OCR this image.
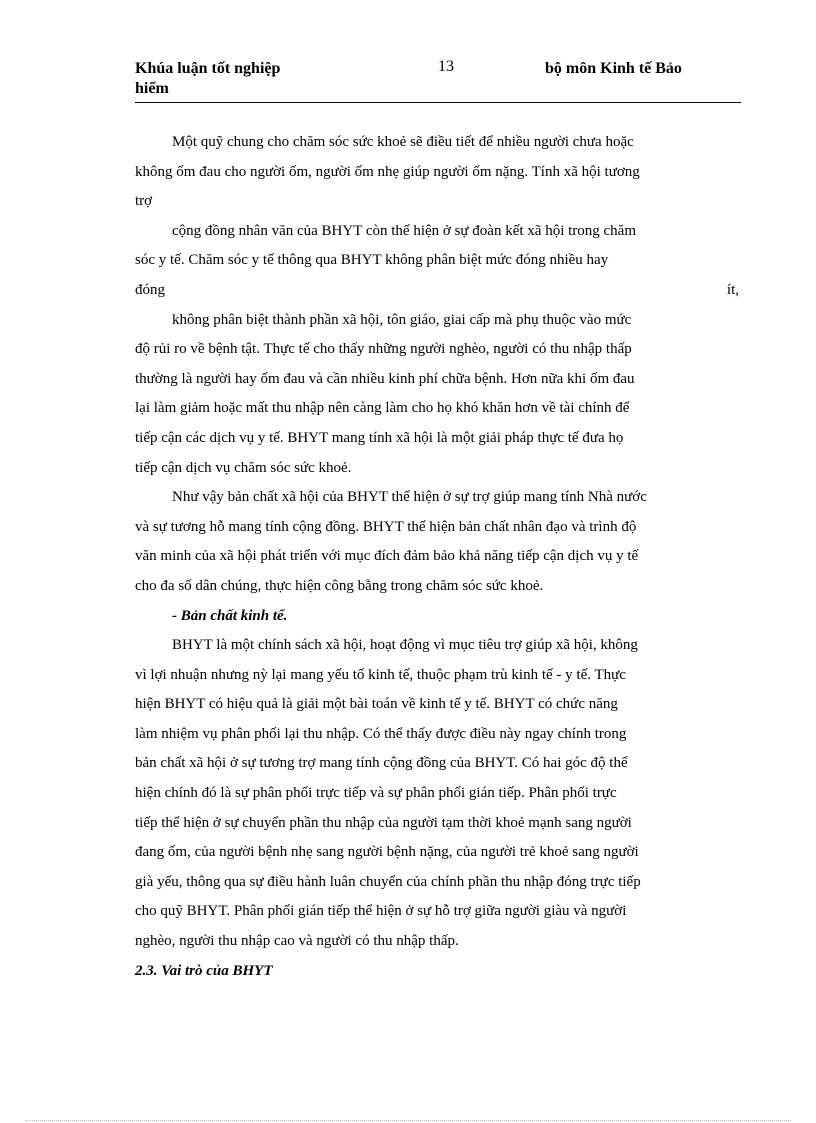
Khúa luận tốt nghiệp
hiểm
13	bộ môn Kinh tế Bảo
Một quỹ chung cho chăm sóc sức khoẻ sẽ điều tiết để nhiều người chưa hoặc
không ốm đau cho người ốm, người ốm nhẹ giúp người ốm nặng. Tính xã hội tương
trợ
cộng đồng nhân văn của BHYT còn thể hiện ở sự đoàn kết xã hội trong chăm
sóc y tế. Chăm sóc y tế thông qua BHYT không phân biệt mức đóng nhiều hay
đóng	ít,
không phân biệt thành phần xã hội, tôn giáo, giai cấp mà phụ thuộc vào mức
độ rủi ro về bệnh tật. Thực tế cho thấy những người nghèo, người có thu nhập thấp
thường là người hay ốm đau và cần nhiều kinh phí chữa bệnh. Hơn nữa khi ốm đau
lại làm giảm hoặc mất thu nhập nên càng làm cho họ khó khăn hơn về tài chính để
tiếp cận các dịch vụ y tế. BHYT mang tính xã hội là một giải pháp thực tế đưa họ
tiếp cận dịch vụ chăm sóc sức khoẻ.
Như vậy bản chất xã hội của BHYT thể hiện ở sự trợ giúp mang tính Nhà nước
và sự tương hỗ mang tính cộng đồng. BHYT thể hiện bản chất nhân đạo và trình độ
văn minh của xã hội phát triển với mục đích đảm bảo khả năng tiếp cận dịch vụ y tế
cho đa số dân chúng, thực hiện công bằng trong chăm sóc sức khoẻ.
- Bản chất kinh tế.
BHYT là một chính sách xã hội, hoạt động vì mục tiêu trợ giúp xã hội, không
vì lợi nhuận nhưng nỳ lại mang yếu tố kinh tế, thuộc phạm trù kinh tế - y tế. Thực
hiện BHYT có hiệu quả là giải một bài toán về kinh tế y tế. BHYT có chức năng
làm nhiệm vụ phân phối lại thu nhập. Có thể thấy được điều này ngay chính trong
bản chất xã hội ở sự tương trợ mang tính cộng đồng của BHYT. Có hai góc độ thể
hiện chính đó là sự phân phối trực tiếp và sự phân phối gián tiếp. Phân phối trực
tiếp thể hiện ở sự chuyển phần thu nhập của người tạm thời khoẻ mạnh sang người
đang ốm, của người bệnh nhẹ sang người bệnh nặng, của người trẻ khoẻ sang người
già yếu, thông qua sự điều hành luân chuyển của chính phần thu nhập đóng trực tiếp
cho quỹ BHYT. Phân phối gián tiếp thể hiện ở sự hỗ trợ giữa người giàu và người
nghèo, người thu nhập cao và người có thu nhập thấp.
2.3. Vai trò của BHYT
